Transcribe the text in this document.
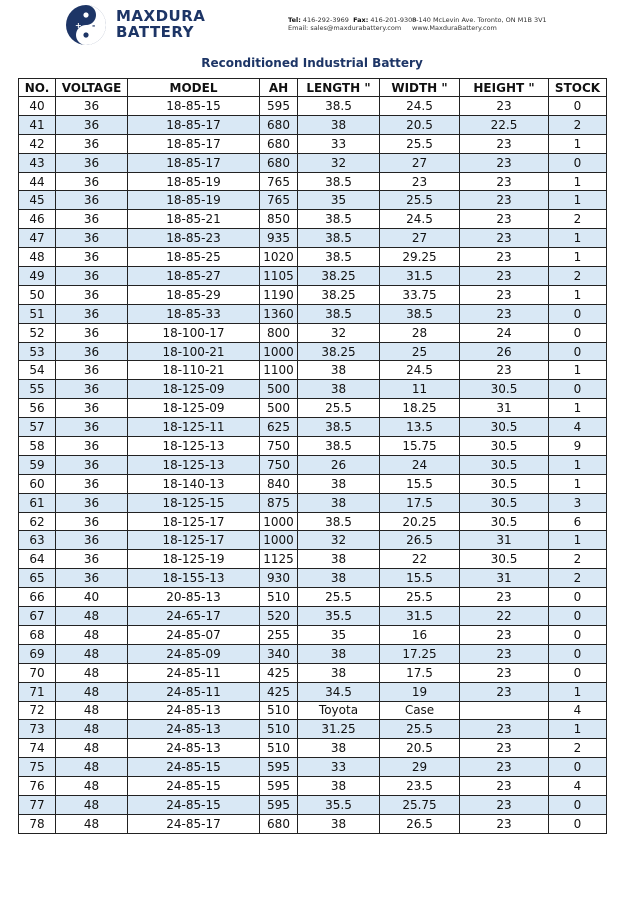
+ -
MAXDURA
BATTERY
Tel: 416-292-3969 Fax: 416-201-9300
Email: sales@maxdurabattery.com
8-140 McLevin Ave. Toronto, ON M1B 3V1
www.MaxduraBattery.com
Reconditioned Industrial Battery
NO.	VOLTAGE	MODEL	AH	LENGTH "	WIDTH "	HEIGHT "	STOCK
40	36	18-85-15	595	38.5	24.5	23	0
41	36	18-85-17	680	38	20.5	22.5	2
42	36	18-85-17	680	33	25.5	23	1
43	36	18-85-17	680	32	27	23	0
44	36	18-85-19	765	38.5	23	23	1
45	36	18-85-19	765	35	25.5	23	1
46	36	18-85-21	850	38.5	24.5	23	2
47	36	18-85-23	935	38.5	27	23	1
48	36	18-85-25	1020	38.5	29.25	23	1
49	36	18-85-27	1105	38.25	31.5	23	2
50	36	18-85-29	1190	38.25	33.75	23	1
51	36	18-85-33	1360	38.5	38.5	23	0
52	36	18-100-17	800	32	28	24	0
53	36	18-100-21	1000	38.25	25	26	0
54	36	18-110-21	1100	38	24.5	23	1
55	36	18-125-09	500	38	11	30.5	0
56	36	18-125-09	500	25.5	18.25	31	1
57	36	18-125-11	625	38.5	13.5	30.5	4
58	36	18-125-13	750	38.5	15.75	30.5	9
59	36	18-125-13	750	26	24	30.5	1
60	36	18-140-13	840	38	15.5	30.5	1
61	36	18-125-15	875	38	17.5	30.5	3
62	36	18-125-17	1000	38.5	20.25	30.5	6
63	36	18-125-17	1000	32	26.5	31	1
64	36	18-125-19	1125	38	22	30.5	2
65	36	18-155-13	930	38	15.5	31	2
66	40	20-85-13	510	25.5	25.5	23	0
67	48	24-65-17	520	35.5	31.5	22	0
68	48	24-85-07	255	35	16	23	0
69	48	24-85-09	340	38	17.25	23	0
70	48	24-85-11	425	38	17.5	23	0
71	48	24-85-11	425	34.5	19	23	1
72	48	24-85-13	510	Toyota	Case		4
73	48	24-85-13	510	31.25	25.5	23	1
74	48	24-85-13	510	38	20.5	23	2
75	48	24-85-15	595	33	29	23	0
76	48	24-85-15	595	38	23.5	23	4
77	48	24-85-15	595	35.5	25.75	23	0
78	48	24-85-17	680	38	26.5	23	0
